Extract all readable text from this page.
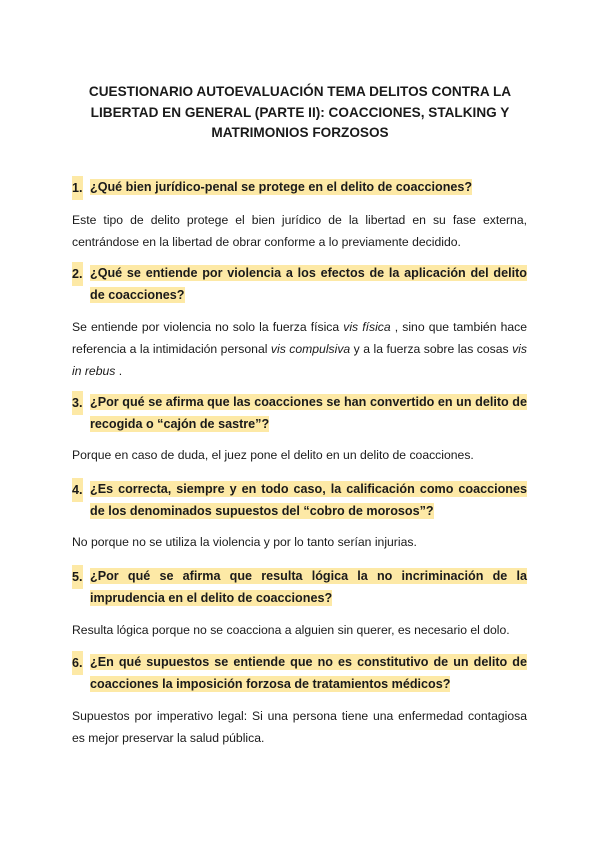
CUESTIONARIO AUTOEVALUACIÓN TEMA DELITOS CONTRA LA
LIBERTAD EN GENERAL (PARTE II): COACCIONES, STALKING Y
MATRIMONIOS FORZOSOS
1. ¿Qué bien jurídico-penal se protege en el delito de coacciones?
Este tipo de delito protege el bien jurídico de la libertad en su fase externa, centrándose en la libertad de obrar conforme a lo previamente decidido.
2. ¿Qué se entiende por violencia a los efectos de la aplicación del delito de coacciones?
Se entiende por violencia no solo la fuerza física vis física , sino que también hace referencia a la intimidación personal vis compulsiva y a la fuerza sobre las cosas vis in rebus .
3. ¿Por qué se afirma que las coacciones se han convertido en un delito de recogida o “cajón de sastre”?
Porque en caso de duda, el juez pone el delito en un delito de coacciones.
4. ¿Es correcta, siempre y en todo caso, la calificación como coacciones de los denominados supuestos del “cobro de morosos”?
No porque no se utiliza la violencia y por lo tanto serían injurias.
5. ¿Por qué se afirma que resulta lógica la no incriminación de la imprudencia en el delito de coacciones?
Resulta lógica porque no se coacciona a alguien sin querer, es necesario el dolo.
6. ¿En qué supuestos se entiende que no es constitutivo de un delito de coacciones la imposición forzosa de tratamientos médicos?
Supuestos por imperativo legal: Si una persona tiene una enfermedad contagiosa es mejor preservar la salud pública.
